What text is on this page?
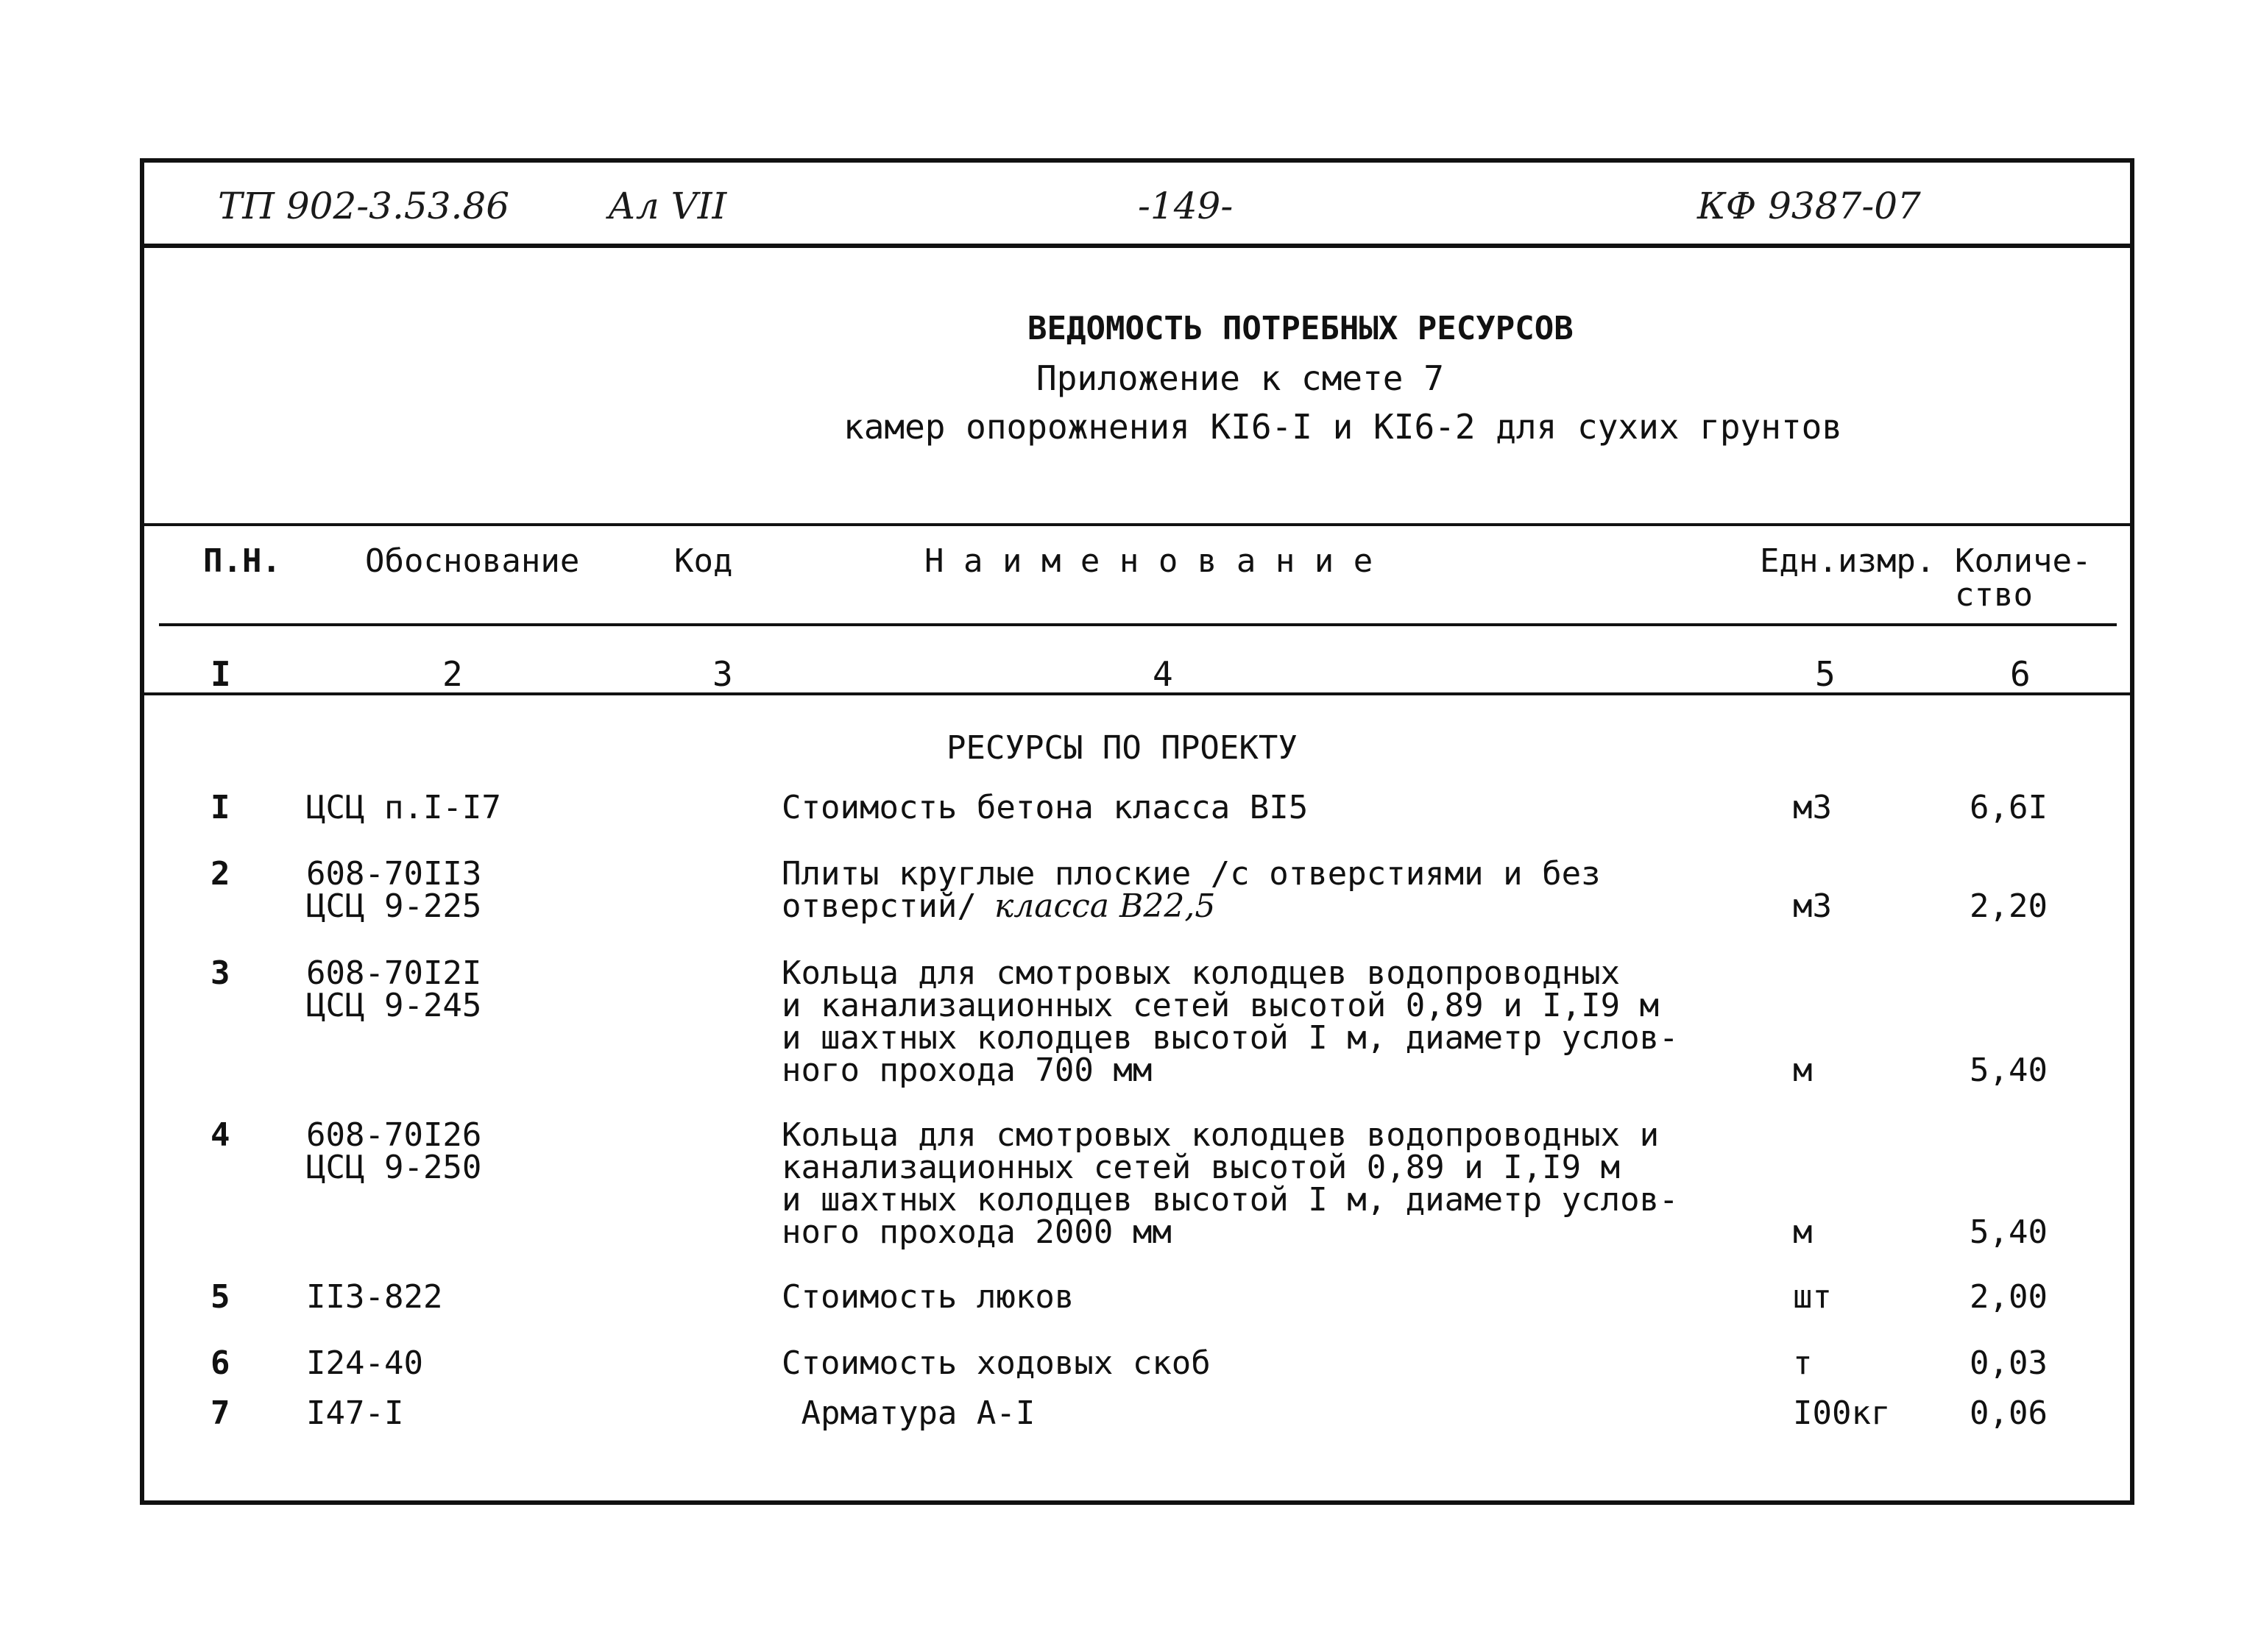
ТП 902-3.53.86	Ал VII	-149-	КФ 9387-07
ВЕДОМОСТЬ ПОТРЕБНЫХ РЕСУРСОВ
Приложение к смете 7
камер опорожнения КI6-I и КI6-2 для сухих грунтов
П.Н.	Обоснование	Код	Н а и м е н о в а н и е	Едн.измр. Количе-
ство
I	2	3	4	5	6
РЕСУРСЫ ПО ПРОЕКТУ
I ЦСЦ п.I-I7	Стоимость бетона класса BI5	м3	6,6I
2 608-70II3
ЦСЦ 9-225
Плиты круглые плоские /с отверстиями и без
отверстий/ класса B22,5	м3	2,20
3 608-70I2I
ЦСЦ 9-245
Кольца для смотровых колодцев водопроводных
и канализационных сетей высотой 0,89 и I,I9 м
и шахтных колодцев высотой I м, диаметр услов-
ного прохода 700 мм	м	5,40
4 608-70I26
ЦСЦ 9-250
Кольца для смотровых колодцев водопроводных и
канализационных сетей высотой 0,89 и I,I9 м
и шахтных колодцев высотой I м, диаметр услов-
ного прохода 2000 мм	м	5,40
5 II3-822	Стоимость люков	шт	2,00
6 I24-40	Стоимость ходовых скоб	т	0,03
7 I47-I	Арматура А-I	I00кг 0,06
